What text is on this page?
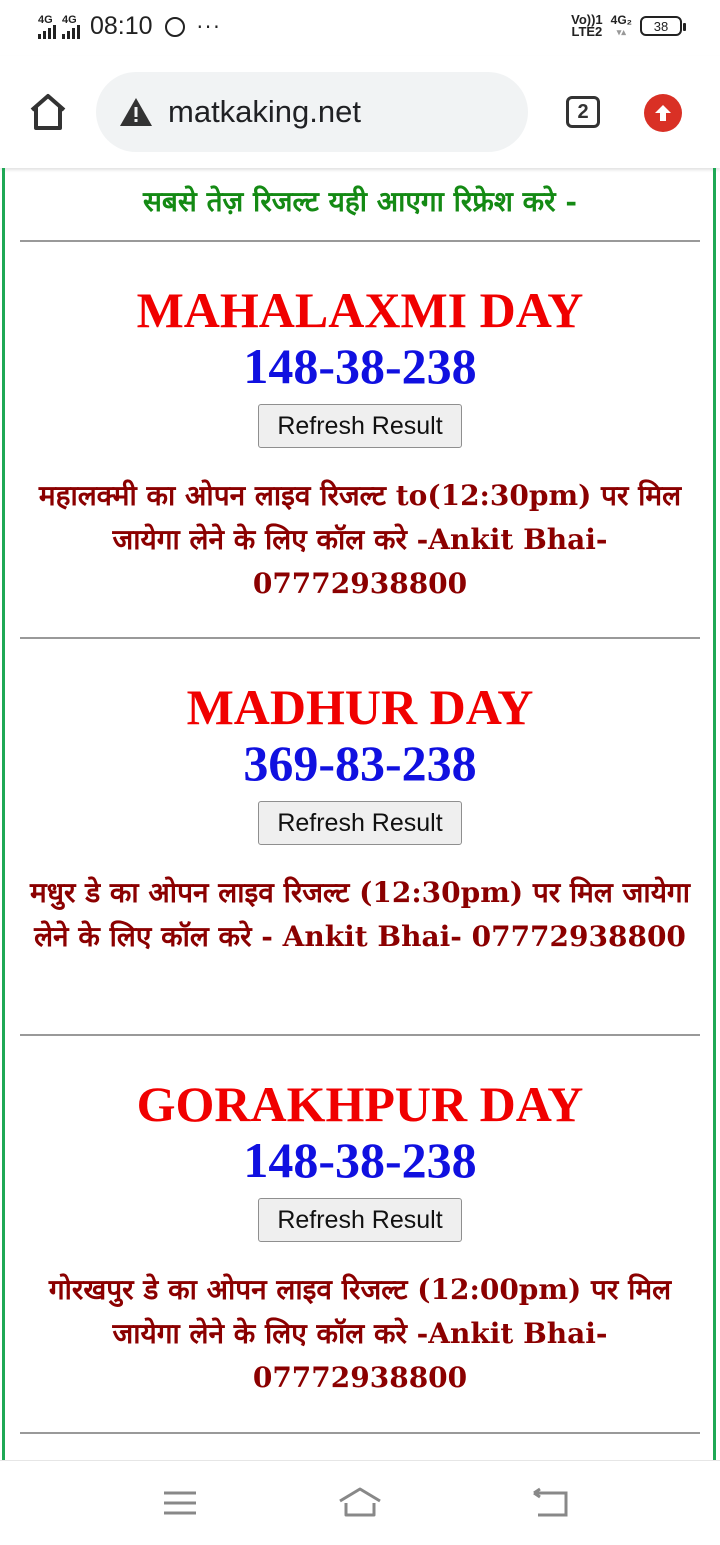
4G 4G 08:10 ···	Vo))1
LTE2
4G₂
▾▴	38
matkaking.net	2
सबसे तेज़ रिजल्ट यही आएगा रिफ्रेश करे -
MAHALAXMI DAY
148-38-238
Refresh Result
महालक्मी का ओपन लाइव रिजल्ट to(12:30pm) पर मिल जायेगा लेने के लिए कॉल करे -Ankit Bhai- 07772938800
MADHUR DAY
369-83-238
Refresh Result
मधुर डे का ओपन लाइव रिजल्ट (12:30pm) पर मिल जायेगा लेने के लिए कॉल करे - Ankit Bhai- 07772938800
GORAKHPUR DAY
148-38-238
Refresh Result
गोरखपुर डे का ओपन लाइव रिजल्ट (12:00pm) पर मिल जायेगा लेने के लिए कॉल करे -Ankit Bhai- 07772938800
